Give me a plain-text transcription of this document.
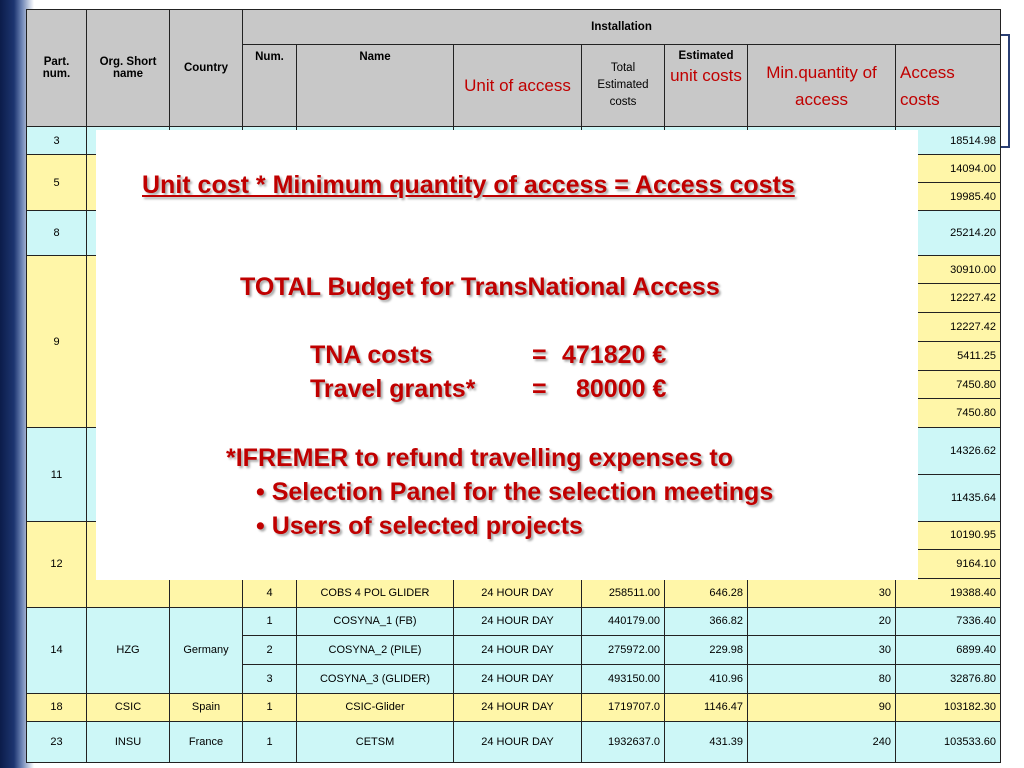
Part. num.	Org. Short name	Country	Installation						
			Num.	Name	Unit of access	Total Estimated costs	Estimated
unit costs	Min.quantity of access	Access costs
3									18514.98
5									14094.00
									19985.40
8									25214.20
9									30910.00
									12227.42
									12227.42
									5411.25
									7450.80
									7450.80
11									14326.62
									11435.64
12									10190.95
									9164.10
			4	COBS 4 POL GLIDER	24 HOUR DAY	258511.00	646.28	30	19388.40
14	HZG	Germany	1	COSYNA_1 (FB)	24 HOUR DAY	440179.00	366.82	20	7336.40
			2	COSYNA_2 (PILE)	24 HOUR DAY	275972.00	229.98	30	6899.40
			3	COSYNA_3 (GLIDER)	24 HOUR DAY	493150.00	410.96	80	32876.80
18	CSIC	Spain	1	CSIC-Glider	24 HOUR DAY	1719707.0	1146.47	90	103182.30
23	INSU	France	1	CETSM	24 HOUR DAY	1932637.0	431.39	240	103533.60
Unit cost * Minimum quantity of access = Access costs
TOTAL Budget for TransNational Access
TNA costs	= 471820 €
Travel grants* = 80000 €
*IFREMER to refund travelling expenses to
• Selection Panel for the selection meetings
• Users of selected projects
